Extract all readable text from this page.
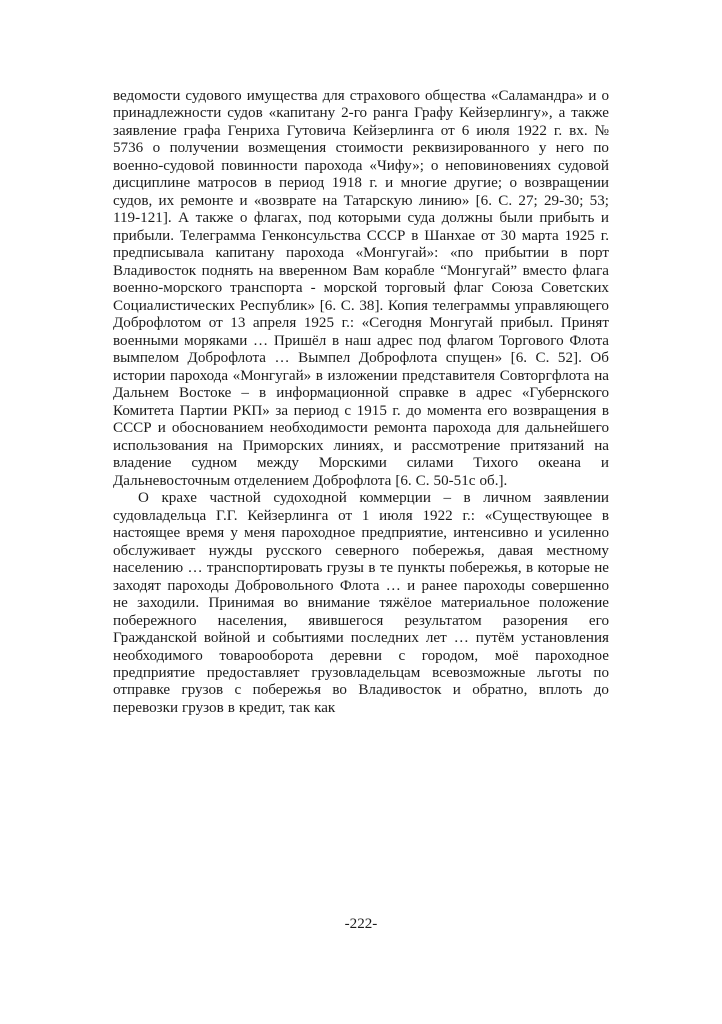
ведомости судового имущества для страхового общества «Саламандра» и о принадлежности судов «капитану 2-го ранга Графу Кейзерлингу», а также заявление графа Генриха Гутовича Кейзерлинга от 6 июля 1922 г. вх. № 5736 о получении возмещения стоимости реквизированного у него по военно-судовой повинности парохода «Чифу»; о неповиновениях судовой дисциплине матросов в период 1918 г. и многие другие; о возвращении судов, их ремонте и «возврате на Татарскую линию» [6. С. 27; 29-30; 53; 119-121]. А также о флагах, под которыми суда должны были прибыть и прибыли. Телеграмма Генконсульства СССР в Шанхае от 30 марта 1925 г. предписывала капитану парохода «Монгугай»: «по прибытии в порт Владивосток поднять на вверенном Вам корабле “Монгугай” вместо флага военно-морского транспорта - морской торговый флаг Союза Советских Социалистических Республик» [6. С. 38]. Копия телеграммы управляющего Доброфлотом от 13 апреля 1925 г.: «Сегодня Монгугай прибыл. Принят военными моряками … Пришёл в наш адрес под флагом Торгового Флота вымпелом Доброфлота … Вымпел Доброфлота спущен» [6. С. 52]. Об истории парохода «Монгугай» в изложении представителя Совторгфлота на Дальнем Востоке – в информационной справке в адрес «Губернского Комитета Партии РКП» за период с 1915 г. до момента его возвращения в СССР и обоснованием необходимости ремонта парохода для дальнейшего использования на Приморских линиях, и рассмотрение притязаний на владение судном между Морскими силами Тихого океана и Дальневосточным отделением Доброфлота [6. С. 50-51с об.].

О крахе частной судоходной коммерции – в личном заявлении судовладельца Г.Г. Кейзерлинга от 1 июля 1922 г.: «Существующее в настоящее время у меня пароходное предприятие, интенсивно и усиленно обслуживает нужды русского северного побережья, давая местному населению … транспортировать грузы в те пункты побережья, в которые не заходят пароходы Добровольного Флота … и ранее пароходы совершенно не заходили. Принимая во внимание тяжёлое материальное положение побережного населения, явившегося результатом разорения его Гражданской войной и событиями последних лет … путём установления необходимого товарооборота деревни с городом, моё пароходное предприятие предоставляет грузовладельцам всевозможные льготы по отправке грузов с побережья во Владивосток и обратно, вплоть до перевозки грузов в кредит, так как

-222-
